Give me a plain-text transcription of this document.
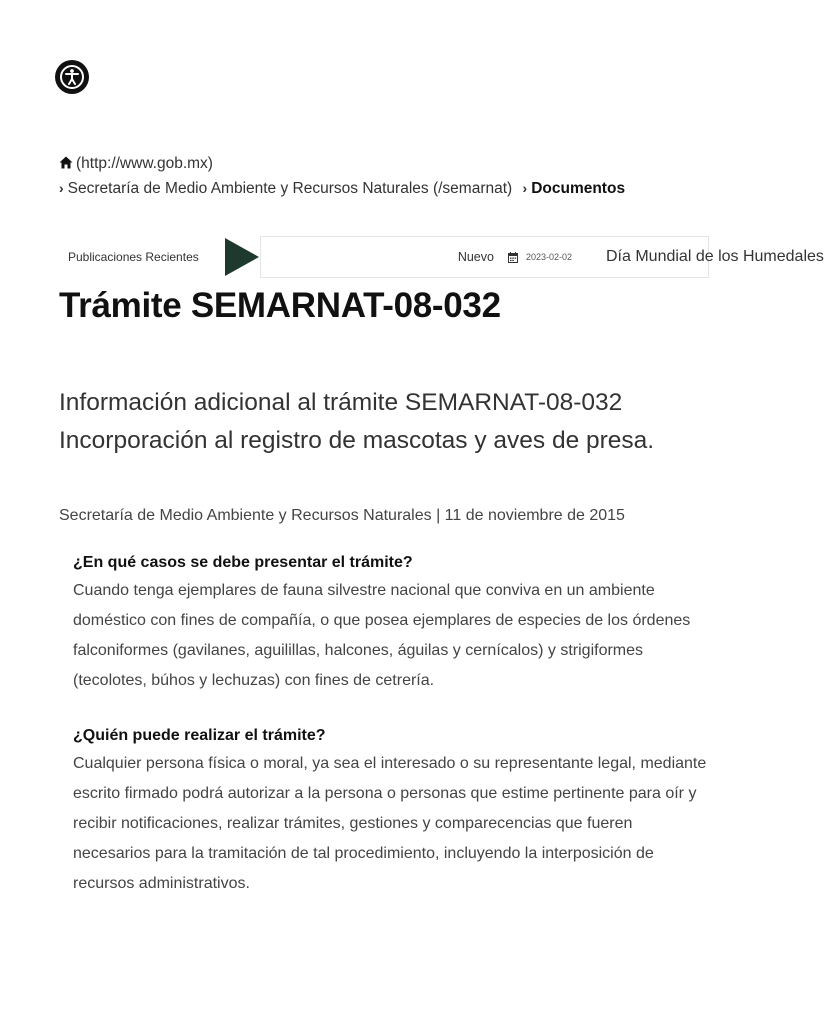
(http://www.gob.mx)
› Secretaría de Medio Ambiente y Recursos Naturales (/semarnat) › Documentos
Publicaciones Recientes	Nuevo	2023-02-02 Día Mundial de los Humedales
Trámite SEMARNAT-08-032
Información adicional al trámite SEMARNAT-08-032 Incorporación al registro de mascotas y aves de presa.
Secretaría de Medio Ambiente y Recursos Naturales | 11 de noviembre de 2015
¿En qué casos se debe presentar el trámite?

Cuando tenga ejemplares de fauna silvestre nacional que conviva en un ambiente doméstico con fines de compañía, o que posea ejemplares de especies de los órdenes falconiformes (gavilanes, aguilillas, halcones, águilas y cernícalos) y strigiformes (tecolotes, búhos y lechuzas) con fines de cetrería.

¿Quién puede realizar el trámite?

Cualquier persona física o moral, ya sea el interesado o su representante legal, mediante escrito firmado podrá autorizar a la persona o personas que estime pertinente para oír y recibir notificaciones, realizar trámites, gestiones y comparecencias que fueren necesarios para la tramitación de tal procedimiento, incluyendo la interposición de recursos administrativos.
